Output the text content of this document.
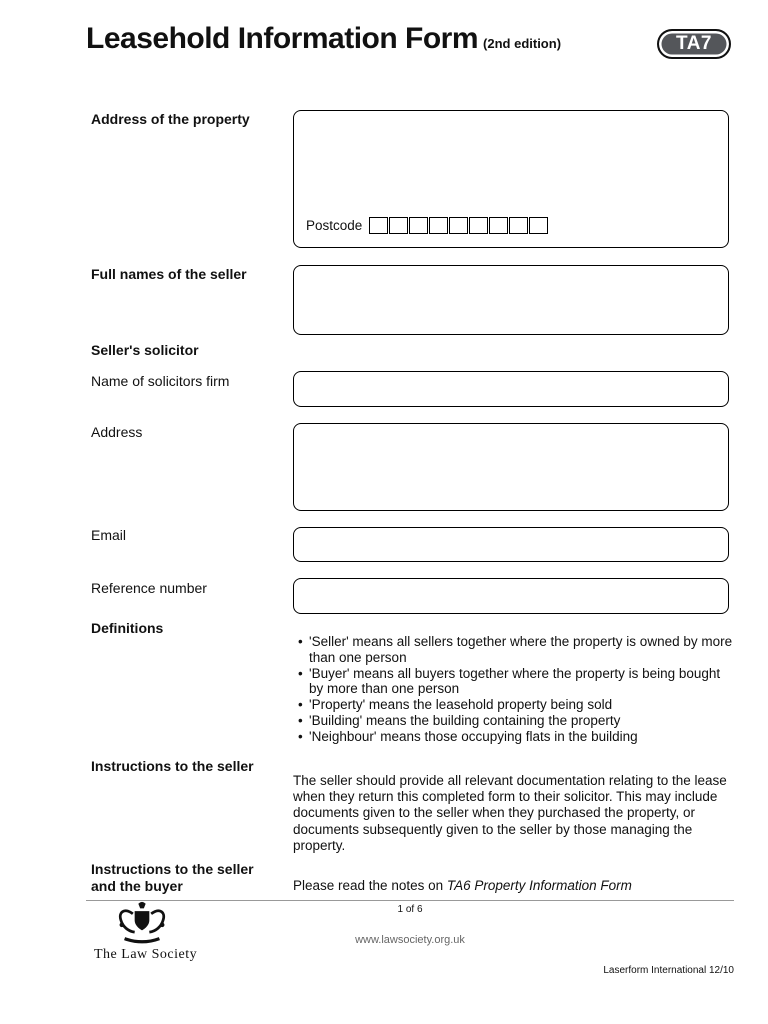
Leasehold Information Form (2nd edition)	TA7
Address of the property
Postcode
Full names of the seller
Seller's solicitor
Name of solicitors firm
Address
Email
Reference number
Definitions
• 'Seller' means all sellers together where the property is owned by more than one person
• 'Buyer' means all buyers together where the property is being bought by more than one person
• 'Property' means the leasehold property being sold
• 'Building' means the building containing the property
• 'Neighbour' means those occupying flats in the building
Instructions to the seller
The seller should provide all relevant documentation relating to the lease when they return this completed form to their solicitor. This may include documents given to the seller when they purchased the property, or documents subsequently given to the seller by those managing the property.
Instructions to the seller
and the buyer	Please read the notes on TA6 Property Information Form
1 of 6
www.lawsociety.org.uk
The Law Society
Laserform International 12/10
